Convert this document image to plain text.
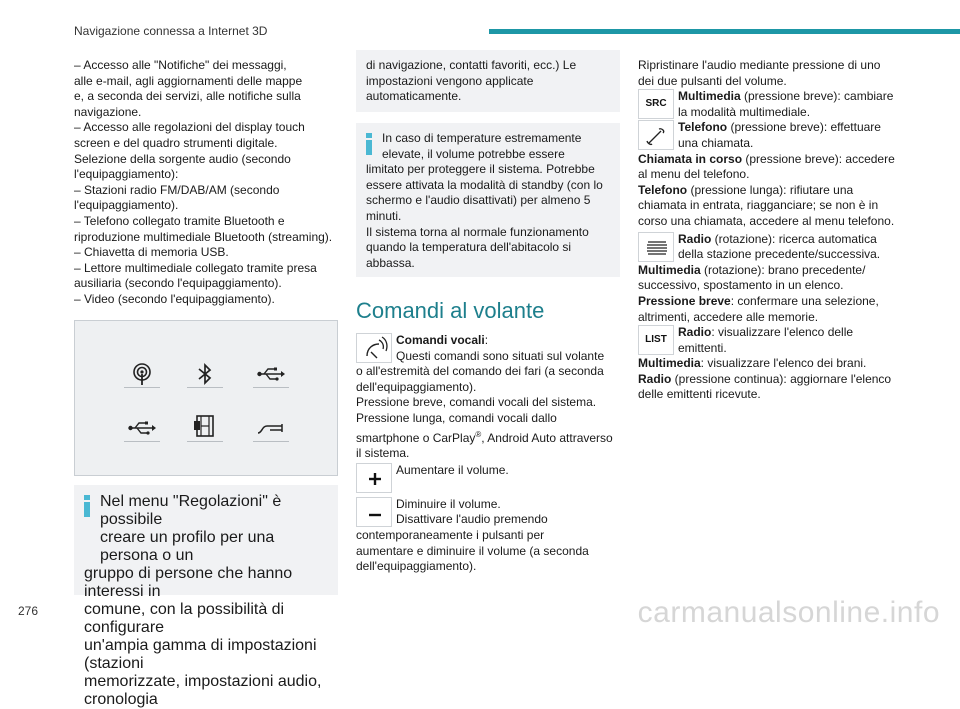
Navigazione connessa a Internet 3D

– Accesso alle "Notifiche" dei messaggi,

alle e-mail, agli aggiornamenti delle mappe

e, a seconda dei servizi, alle notifiche sulla

navigazione.

– Accesso alle regolazioni del display touch

screen e del quadro strumenti digitale.

Selezione della sorgente audio (secondo

l'equipaggiamento):

– Stazioni radio FM/DAB/AM (secondo

l'equipaggiamento).

– Telefono collegato tramite Bluetooth e

riproduzione multimediale Bluetooth (streaming).

– Chiavetta di memoria USB.

– Lettore multimediale collegato tramite presa

ausiliaria (secondo l'equipaggiamento).

– Video (secondo l'equipaggiamento).

Nel menu "Regolazioni" è possibile

creare un profilo per una persona o un

gruppo di persone che hanno interessi in

comune, con la possibilità di configurare

un'ampia gamma di impostazioni (stazioni

memorizzate, impostazioni audio, cronologia

di navigazione, contatti favoriti, ecc.) Le

impostazioni vengono applicate

automaticamente.

In caso di temperature estremamente

elevate, il volume potrebbe essere

limitato per proteggere il sistema. Potrebbe

essere attivata la modalità di standby (con lo

schermo e l'audio disattivati) per almeno 5

minuti.

Il sistema torna al normale funzionamento

quando la temperatura dell'abitacolo si

abbassa.

Comandi al volante

Comandi vocali:

Questi comandi sono situati sul volante

o all'estremità del comando dei fari (a seconda

dell'equipaggiamento).

Pressione breve, comandi vocali del sistema.

Pressione lunga, comandi vocali dallo

smartphone o CarPlay®, Android Auto attraverso

il sistema.

Aumentare il volume.

Diminuire il volume.

Disattivare l'audio premendo

contemporaneamente i pulsanti per

aumentare e diminuire il volume (a seconda

dell'equipaggiamento).

Ripristinare l'audio mediante pressione di uno

dei due pulsanti del volume.

SRC

Multimedia (pressione breve): cambiare

la modalità multimediale.

Telefono (pressione breve): effettuare

una chiamata.

Chiamata in corso (pressione breve): accedere

al menu del telefono.

Telefono (pressione lunga): rifiutare una

chiamata in entrata, riagganciare; se non è in

corso una chiamata, accedere al menu telefono.

Radio (rotazione): ricerca automatica

della stazione precedente/successiva.

Multimedia (rotazione): brano precedente/

successivo, spostamento in un elenco.

Pressione breve: confermare una selezione,

altrimenti, accedere alle memorie.

LIST

Radio: visualizzare l'elenco delle

emittenti.

Multimedia: visualizzare l'elenco dei brani.

Radio (pressione continua): aggiornare l'elenco

delle emittenti ricevute.

276	carmanualsonline.info
